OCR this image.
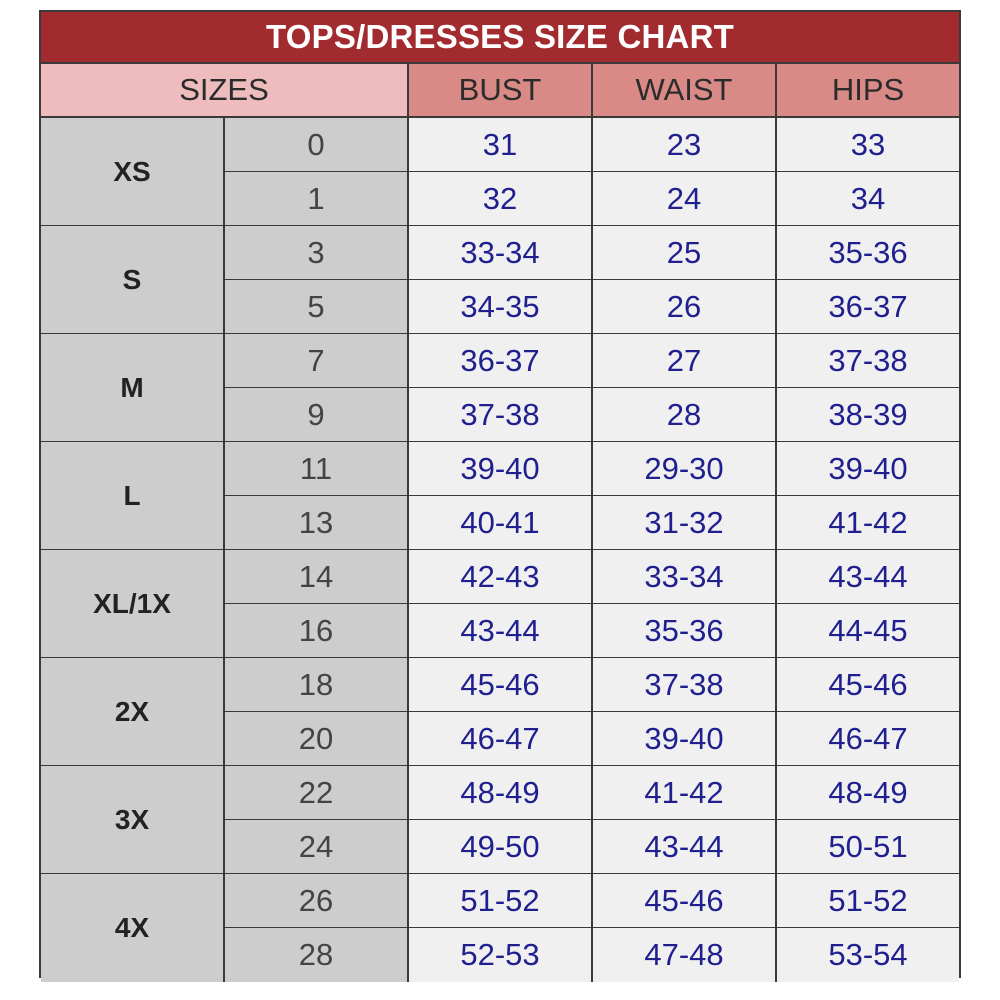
TOPS/DRESSES SIZE CHART
SIZES	BUST	WAIST	HIPS
XS
0	31	23	33
1	32	24	34
S
3	33-34	25	35-36
5	34-35	26	36-37
M
7	36-37	27	37-38
9	37-38	28	38-39
L
11	39-40	29-30	39-40
13	40-41	31-32	41-42
XL/1X
14	42-43	33-34	43-44
16	43-44	35-36	44-45
2X
18	45-46	37-38	45-46
20	46-47	39-40	46-47
3X
22	48-49	41-42	48-49
24	49-50	43-44	50-51
4X
26	51-52	45-46	51-52
28	52-53	47-48	53-54
